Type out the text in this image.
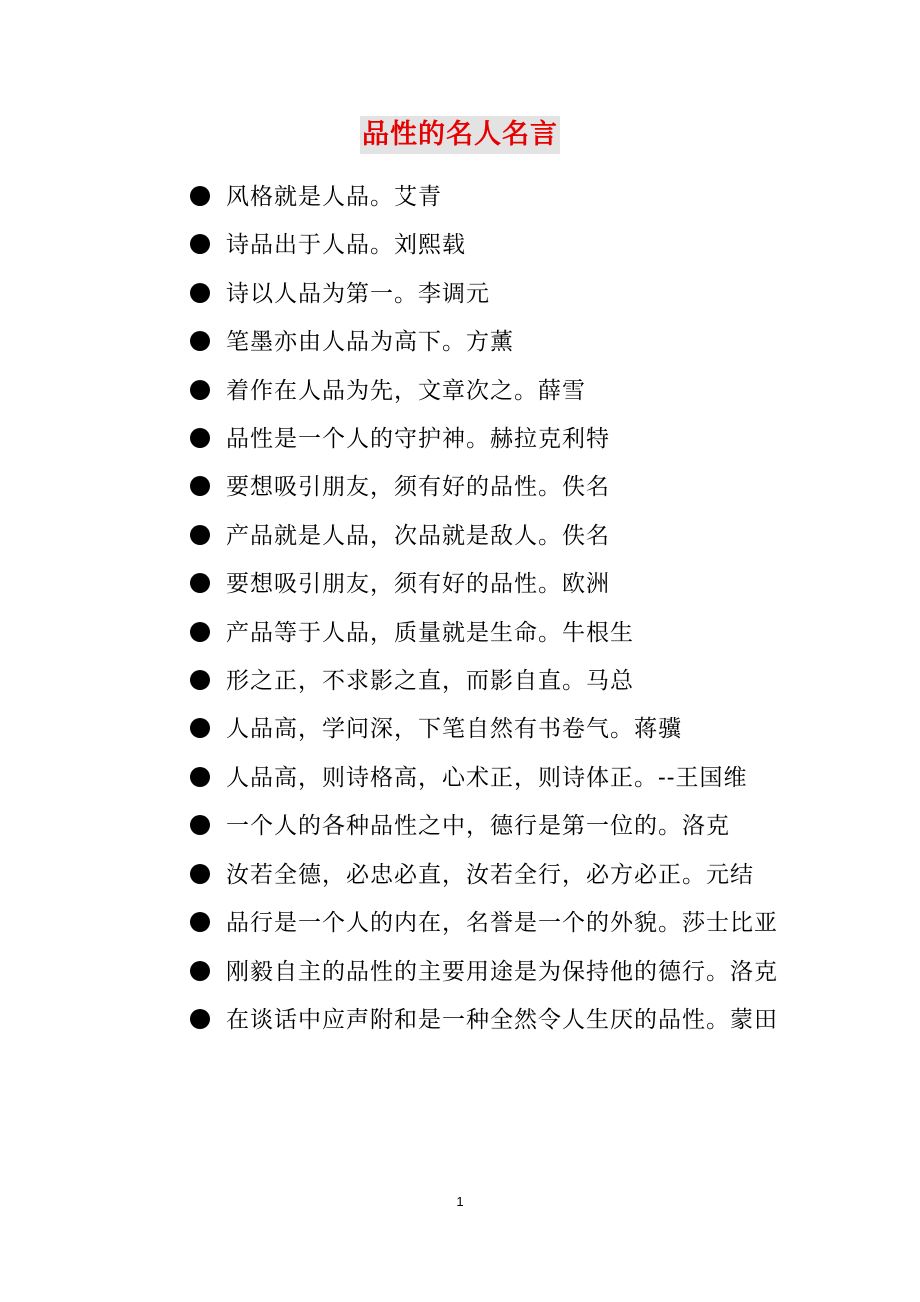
品性的名人名言
风格就是人品。艾青
诗品出于人品。刘熙载
诗以人品为第一。李调元
笔墨亦由人品为高下。方薰
着作在人品为先，文章次之。薛雪
品性是一个人的守护神。赫拉克利特
要想吸引朋友，须有好的品性。佚名
产品就是人品，次品就是敌人。佚名
要想吸引朋友，须有好的品性。欧洲
产品等于人品，质量就是生命。牛根生
形之正，不求影之直，而影自直。马总
人品高，学问深，下笔自然有书卷气。蒋骥
人品高，则诗格高，心术正，则诗体正。--王国维
一个人的各种品性之中，德行是第一位的。洛克
汝若全德，必忠必直，汝若全行，必方必正。元结
品行是一个人的内在，名誉是一个的外貌。莎士比亚
刚毅自主的品性的主要用途是为保持他的德行。洛克
在谈话中应声附和是一种全然令人生厌的品性。蒙田
1
